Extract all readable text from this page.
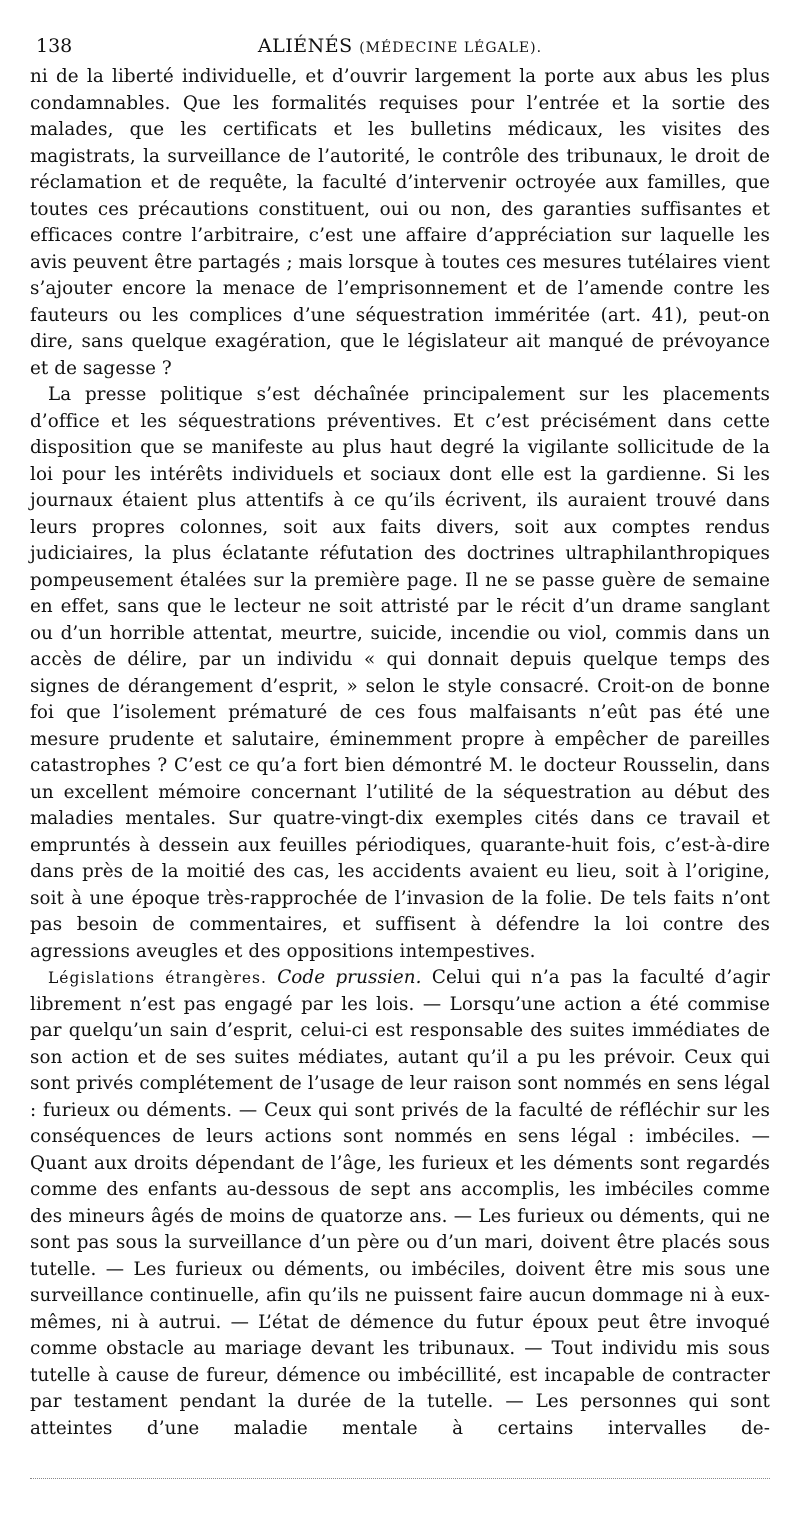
138	ALIÉNÉS (MÉDECINE LÉGALE).

ni de la liberté individuelle, et d’ouvrir largement la porte aux abus les plus condamnables. Que les formalités requises pour l’entrée et la sortie des malades, que les certificats et les bulletins médicaux, les visites des magistrats, la surveillance de l’autorité, le contrôle des tribunaux, le droit de réclamation et de requête, la faculté d’intervenir octroyée aux familles, que toutes ces précautions constituent, oui ou non, des garanties suffisantes et efficaces contre l’arbitraire, c’est une affaire d’appréciation sur laquelle les avis peuvent être partagés ; mais lorsque à toutes ces mesures tutélaires vient s’ajouter encore la menace de l’emprisonnement et de l’amende contre les fauteurs ou les complices d’une séquestration imméritée (art. 41), peut-on dire, sans quelque exagération, que le législateur ait manqué de prévoyance et de sagesse ?

La presse politique s’est déchaînée principalement sur les placements d’office et les séquestrations préventives. Et c’est précisément dans cette disposition que se manifeste au plus haut degré la vigilante sollicitude de la loi pour les intérêts individuels et sociaux dont elle est la gardienne. Si les journaux étaient plus attentifs à ce qu’ils écrivent, ils auraient trouvé dans leurs propres colonnes, soit aux faits divers, soit aux comptes rendus judiciaires, la plus éclatante réfutation des doctrines ultraphilanthropiques pompeusement étalées sur la première page. Il ne se passe guère de semaine en effet, sans que le lecteur ne soit attristé par le récit d’un drame sanglant ou d’un horrible attentat, meurtre, suicide, incendie ou viol, commis dans un accès de délire, par un individu « qui donnait depuis quelque temps des signes de dérangement d’esprit, » selon le style consacré. Croit-on de bonne foi que l’isolement prématuré de ces fous malfaisants n’eût pas été une mesure prudente et salutaire, éminemment propre à empêcher de pareilles catastrophes ? C’est ce qu’a fort bien démontré M. le docteur Rousselin, dans un excellent mémoire concernant l’utilité de la séquestration au début des maladies mentales. Sur quatre-vingt-dix exemples cités dans ce travail et empruntés à dessein aux feuilles périodiques, quarante-huit fois, c’est-à-dire dans près de la moitié des cas, les accidents avaient eu lieu, soit à l’origine, soit à une époque très-rapprochée de l’invasion de la folie. De tels faits n’ont pas besoin de commentaires, et suffisent à défendre la loi contre des agressions aveugles et des oppositions intempestives.

Législations étrangères. Code prussien. Celui qui n’a pas la faculté d’agir librement n’est pas engagé par les lois. — Lorsqu’une action a été commise par quelqu’un sain d’esprit, celui-ci est responsable des suites immédiates de son action et de ses suites médiates, autant qu’il a pu les prévoir. Ceux qui sont privés complétement de l’usage de leur raison sont nommés en sens légal : furieux ou déments. — Ceux qui sont privés de la faculté de réfléchir sur les conséquences de leurs actions sont nommés en sens légal : imbéciles. — Quant aux droits dépendant de l’âge, les furieux et les déments sont regardés comme des enfants au-dessous de sept ans accomplis, les imbéciles comme des mineurs âgés de moins de quatorze ans. — Les furieux ou déments, qui ne sont pas sous la surveillance d’un père ou d’un mari, doivent être placés sous tutelle. — Les furieux ou déments, ou imbéciles, doivent être mis sous une surveillance continuelle, afin qu’ils ne puissent faire aucun dommage ni à eux-mêmes, ni à autrui. — L’état de démence du futur époux peut être invoqué comme obstacle au mariage devant les tribunaux. — Tout individu mis sous tutelle à cause de fureur, démence ou imbécillité, est incapable de contracter par testament pendant la durée de la tutelle. — Les personnes qui sont atteintes d’une maladie mentale à certains intervalles de-
